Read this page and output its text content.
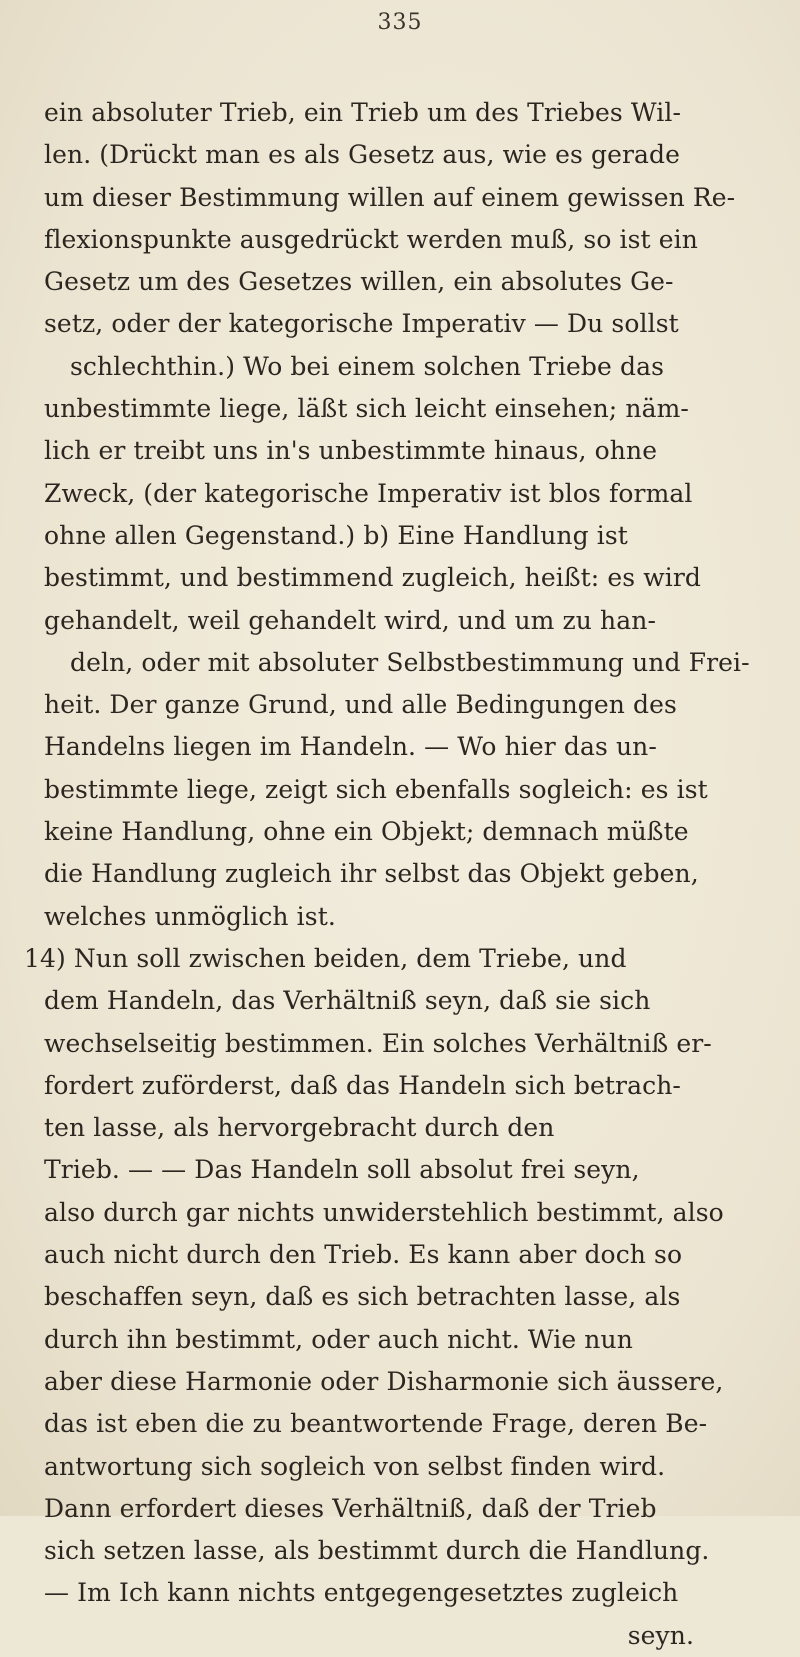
335
ein absoluter Trieb, ein Trieb um des Triebes Wil-
len. (Drückt man es als Gesetz aus, wie es gerade
um dieser Bestimmung willen auf einem gewissen Re-
flexionspunkte ausgedrückt werden muß, so ist ein
Gesetz um des Gesetzes willen, ein absolutes Ge-
setz, oder der kategorische Imperativ — Du sollst
schlechthin.) Wo bei einem solchen Triebe das
unbestimmte liege, läßt sich leicht einsehen; näm-
lich er treibt uns in's unbestimmte hinaus, ohne
Zweck, (der kategorische Imperativ ist blos formal
ohne allen Gegenstand.) b) Eine Handlung ist
bestimmt, und bestimmend zugleich, heißt: es wird
gehandelt, weil gehandelt wird, und um zu han-
deln, oder mit absoluter Selbstbestimmung und Frei-
heit. Der ganze Grund, und alle Bedingungen des
Handelns liegen im Handeln. — Wo hier das un-
bestimmte liege, zeigt sich ebenfalls sogleich: es ist
keine Handlung, ohne ein Objekt; demnach müßte
die Handlung zugleich ihr selbst das Objekt geben,
welches unmöglich ist.
14) Nun soll zwischen beiden, dem Triebe, und
dem Handeln, das Verhältniß seyn, daß sie sich
wechselseitig bestimmen. Ein solches Verhältniß er-
fordert zuförderst, daß das Handeln sich betrach-
ten lasse, als hervorgebracht durch den
Trieb. — — Das Handeln soll absolut frei seyn,
also durch gar nichts unwiderstehlich bestimmt, also
auch nicht durch den Trieb. Es kann aber doch so
beschaffen seyn, daß es sich betrachten lasse, als
durch ihn bestimmt, oder auch nicht. Wie nun
aber diese Harmonie oder Disharmonie sich äussere,
das ist eben die zu beantwortende Frage, deren Be-
antwortung sich sogleich von selbst finden wird.
Dann erfordert dieses Verhältniß, daß der Trieb
sich setzen lasse, als bestimmt durch die Handlung.
— Im Ich kann nichts entgegengesetztes zugleich
seyn.
